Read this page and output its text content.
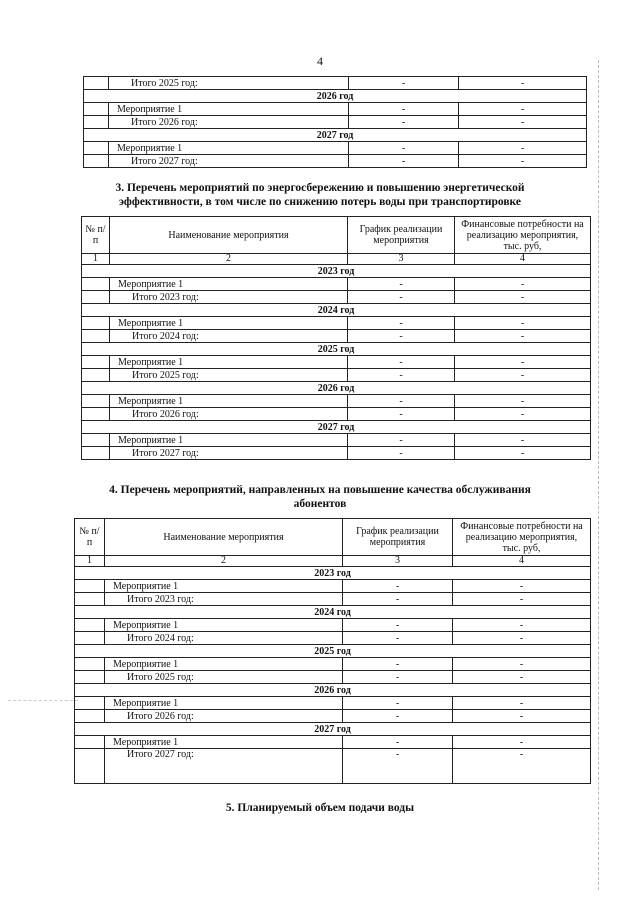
4
	Итого 2025 год:	-	-
2026 год			
	Мероприятие 1	-	-
	Итого 2026 год:	-	-
2027 год			
	Мероприятие 1	-	-
	Итого 2027 год:	-	-
3. Перечень мероприятий по энергосбережению и повышению энергетической
эффективности, в том числе по снижению потерь воды при транспортировке
№ п/п	Наименование мероприятия	График реализации мероприятия	Финансовые потребности на реализацию мероприятия, тыс. руб,
1	2	3	4
2023 год			
	Мероприятие 1	-	-
	Итого 2023 год:	-	-
2024 год			
	Мероприятие 1	-	-
	Итого 2024 год:	-	-
2025 год			
	Мероприятие 1	-	-
	Итого 2025 год:	-	-
2026 год			
	Мероприятие 1	-	-
	Итого 2026 год:	-	-
2027 год			
	Мероприятие 1	-	-
	Итого 2027 год:	-	-
4. Перечень мероприятий, направленных на повышение качества обслуживания
абонентов
№ п/п	Наименование мероприятия	График реализации мероприятия	Финансовые потребности на реализацию мероприятия, тыс. руб,
1	2	3	4
2023 год			
	Мероприятие 1	-	-
	Итого 2023 год:	-	-
2024 год			
	Мероприятие 1	-	-
	Итого 2024 год:	-	-
2025 год			
	Мероприятие 1	-	-
	Итого 2025 год:	-	-
2026 год			
	Мероприятие 1	-	-
	Итого 2026 год:	-	-
2027 год			
	Мероприятие 1	-	-
	Итого 2027 год:	-	-
5. Планируемый объем подачи воды
